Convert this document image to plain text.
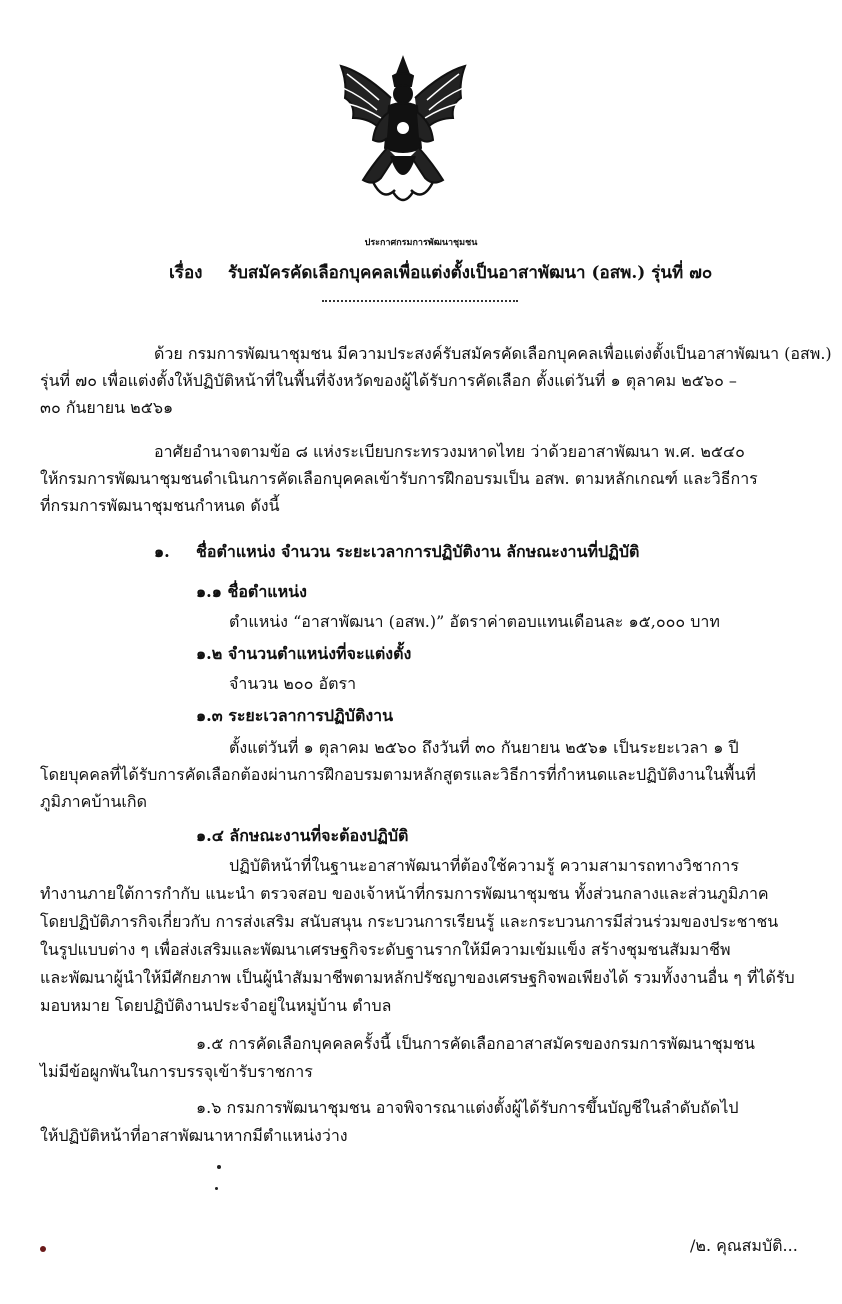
ประกาศกรมการพัฒนาชุมชน
เรื่อง รับสมัครคัดเลือกบุคคลเพื่อแต่งตั้งเป็นอาสาพัฒนา (อสพ.) รุ่นที่ ๗๐
ด้วย กรมการพัฒนาชุมชน มีความประสงค์รับสมัครคัดเลือกบุคคลเพื่อแต่งตั้งเป็นอาสาพัฒนา (อสพ.)
รุ่นที่ ๗๐ เพื่อแต่งตั้งให้ปฏิบัติหน้าที่ในพื้นที่จังหวัดของผู้ได้รับการคัดเลือก ตั้งแต่วันที่ ๑ ตุลาคม ๒๕๖๐ –
๓๐ กันยายน ๒๕๖๑
อาศัยอำนาจตามข้อ ๘ แห่งระเบียบกระทรวงมหาดไทย ว่าด้วยอาสาพัฒนา พ.ศ. ๒๕๔๐
ให้กรมการพัฒนาชุมชนดำเนินการคัดเลือกบุคคลเข้ารับการฝึกอบรมเป็น อสพ. ตามหลักเกณฑ์ และวิธีการ
ที่กรมการพัฒนาชุมชนกำหนด ดังนี้
๑. ชื่อตำแหน่ง จำนวน ระยะเวลาการปฏิบัติงาน ลักษณะงานที่ปฏิบัติ
๑.๑ ชื่อตำแหน่ง
ตำแหน่ง “อาสาพัฒนา (อสพ.)” อัตราค่าตอบแทนเดือนละ ๑๕,๐๐๐ บาท
๑.๒ จำนวนตำแหน่งที่จะแต่งตั้ง
จำนวน ๒๐๐ อัตรา
๑.๓ ระยะเวลาการปฏิบัติงาน
ตั้งแต่วันที่ ๑ ตุลาคม ๒๕๖๐ ถึงวันที่ ๓๐ กันยายน ๒๕๖๑ เป็นระยะเวลา ๑ ปี
โดยบุคคลที่ได้รับการคัดเลือกต้องผ่านการฝึกอบรมตามหลักสูตรและวิธีการที่กำหนดและปฏิบัติงานในพื้นที่
ภูมิภาคบ้านเกิด
๑.๔ ลักษณะงานที่จะต้องปฏิบัติ
ปฏิบัติหน้าที่ในฐานะอาสาพัฒนาที่ต้องใช้ความรู้ ความสามารถทางวิชาการ
ทำงานภายใต้การกำกับ แนะนำ ตรวจสอบ ของเจ้าหน้าที่กรมการพัฒนาชุมชน ทั้งส่วนกลางและส่วนภูมิภาค
โดยปฏิบัติภารกิจเกี่ยวกับ การส่งเสริม สนับสนุน กระบวนการเรียนรู้ และกระบวนการมีส่วนร่วมของประชาชน
ในรูปแบบต่าง ๆ เพื่อส่งเสริมและพัฒนาเศรษฐกิจระดับฐานรากให้มีความเข้มแข็ง สร้างชุมชนสัมมาชีพ
และพัฒนาผู้นำให้มีศักยภาพ เป็นผู้นำสัมมาชีพตามหลักปรัชญาของเศรษฐกิจพอเพียงได้ รวมทั้งงานอื่น ๆ ที่ได้รับ
มอบหมาย โดยปฏิบัติงานประจำอยู่ในหมู่บ้าน ตำบล
๑.๕ การคัดเลือกบุคคลครั้งนี้ เป็นการคัดเลือกอาสาสมัครของกรมการพัฒนาชุมชน
ไม่มีข้อผูกพันในการบรรจุเข้ารับราชการ
๑.๖ กรมการพัฒนาชุมชน อาจพิจารณาแต่งตั้งผู้ได้รับการขึ้นบัญชีในลำดับถัดไป
ให้ปฏิบัติหน้าที่อาสาพัฒนาหากมีตำแหน่งว่าง
/๒. คุณสมบัติ...
